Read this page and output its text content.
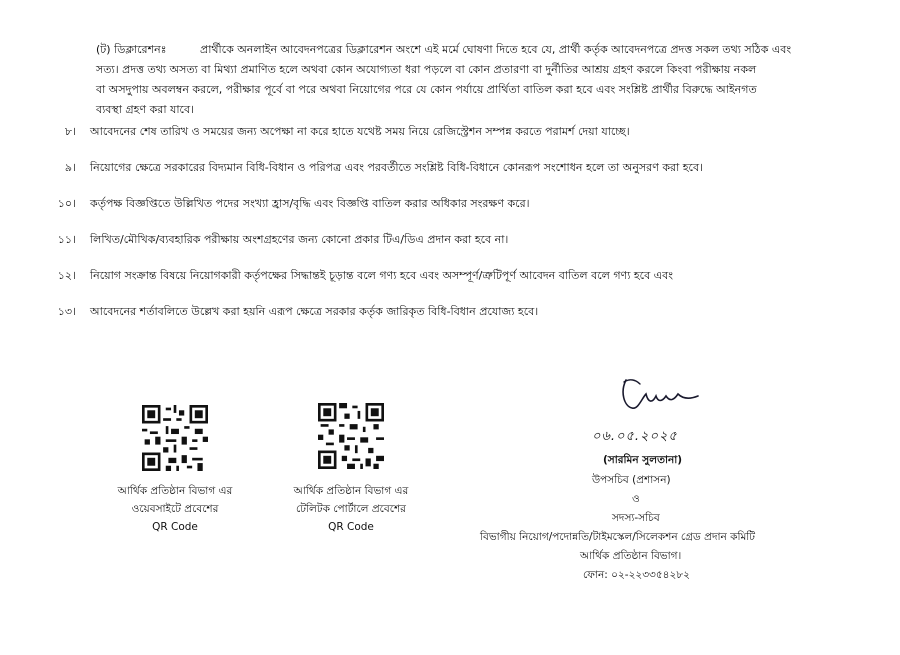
(ট) ডিক্লারেশনঃ	প্রার্থীকে অনলাইন আবেদনপত্রের ডিক্লারেশন অংশে এই মর্মে ঘোষণা দিতে হবে যে, প্রার্থী কর্তৃক আবেদনপত্রে প্রদত্ত সকল তথ্য সঠিক এবং
সত্য। প্রদত্ত তথ্য অসত্য বা মিথ্যা প্রমাণিত হলে অথবা কোন অযোগ্যতা ধরা পড়লে বা কোন প্রতারণা বা দুর্নীতির আশ্রয় গ্রহণ করলে কিংবা পরীক্ষায় নকল
বা অসদুপায় অবলম্বন করলে, পরীক্ষার পূর্বে বা পরে অথবা নিয়োগের পরে যে কোন পর্যায়ে প্রার্থিতা বাতিল করা হবে এবং সংশ্লিষ্ট প্রার্থীর বিরুদ্ধে আইনগত
ব্যবস্থা গ্রহণ করা যাবে।
৮। আবেদনের শেষ তারিখ ও সময়ের জন্য অপেক্ষা না করে হাতে যথেষ্ট সময় নিয়ে রেজিস্ট্রেশন সম্পন্ন করতে পরামর্শ দেয়া যাচ্ছে।
৯। নিয়োগের ক্ষেত্রে সরকারের বিদ্যমান বিধি-বিধান ও পরিপত্র এবং পরবর্তীতে সংশ্লিষ্ট বিধি-বিধানে কোনরূপ সংশোধন হলে তা অনুসরণ করা হবে।
১০। কর্তৃপক্ষ বিজ্ঞপ্তিতে উল্লিখিত পদের সংখ্যা হ্রাস/বৃদ্ধি এবং বিজ্ঞপ্তি বাতিল করার অধিকার সংরক্ষণ করে।
১১। লিখিত/মৌখিক/ব্যবহারিক পরীক্ষায় অংশগ্রহণের জন্য কোনো প্রকার টিএ/ডিএ প্রদান করা হবে না।
১২। নিয়োগ সংক্রান্ত বিষয়ে নিয়োগকারী কর্তৃপক্ষের সিদ্ধান্তই চূড়ান্ত বলে গণ্য হবে এবং অসম্পূর্ণ/ত্রুটিপূর্ণ আবেদন বাতিল বলে গণ্য হবে এবং
১৩। আবেদনের শর্তাবলিতে উল্লেখ করা হয়নি এরূপ ক্ষেত্রে সরকার কর্তৃক জারিকৃত বিধি-বিধান প্রযোজ্য হবে।
আর্থিক প্রতিষ্ঠান বিভাগ এর
ওয়েবসাইটে প্রবেশের
QR Code
আর্থিক প্রতিষ্ঠান বিভাগ এর
টেলিটক পোর্টালে প্রবেশের
QR Code
০৬.০৫.২০২৫
(সারমিন সুলতানা)
উপসচিব (প্রশাসন)
ও
সদস্য-সচিব
বিভাগীয় নিয়োগ/পদোন্নতি/টাইমস্কেল/সিলেকশন গ্রেড প্রদান কমিটি
আর্থিক প্রতিষ্ঠান বিভাগ।
ফোন: ০২-২২৩৩৫৪২৮২
